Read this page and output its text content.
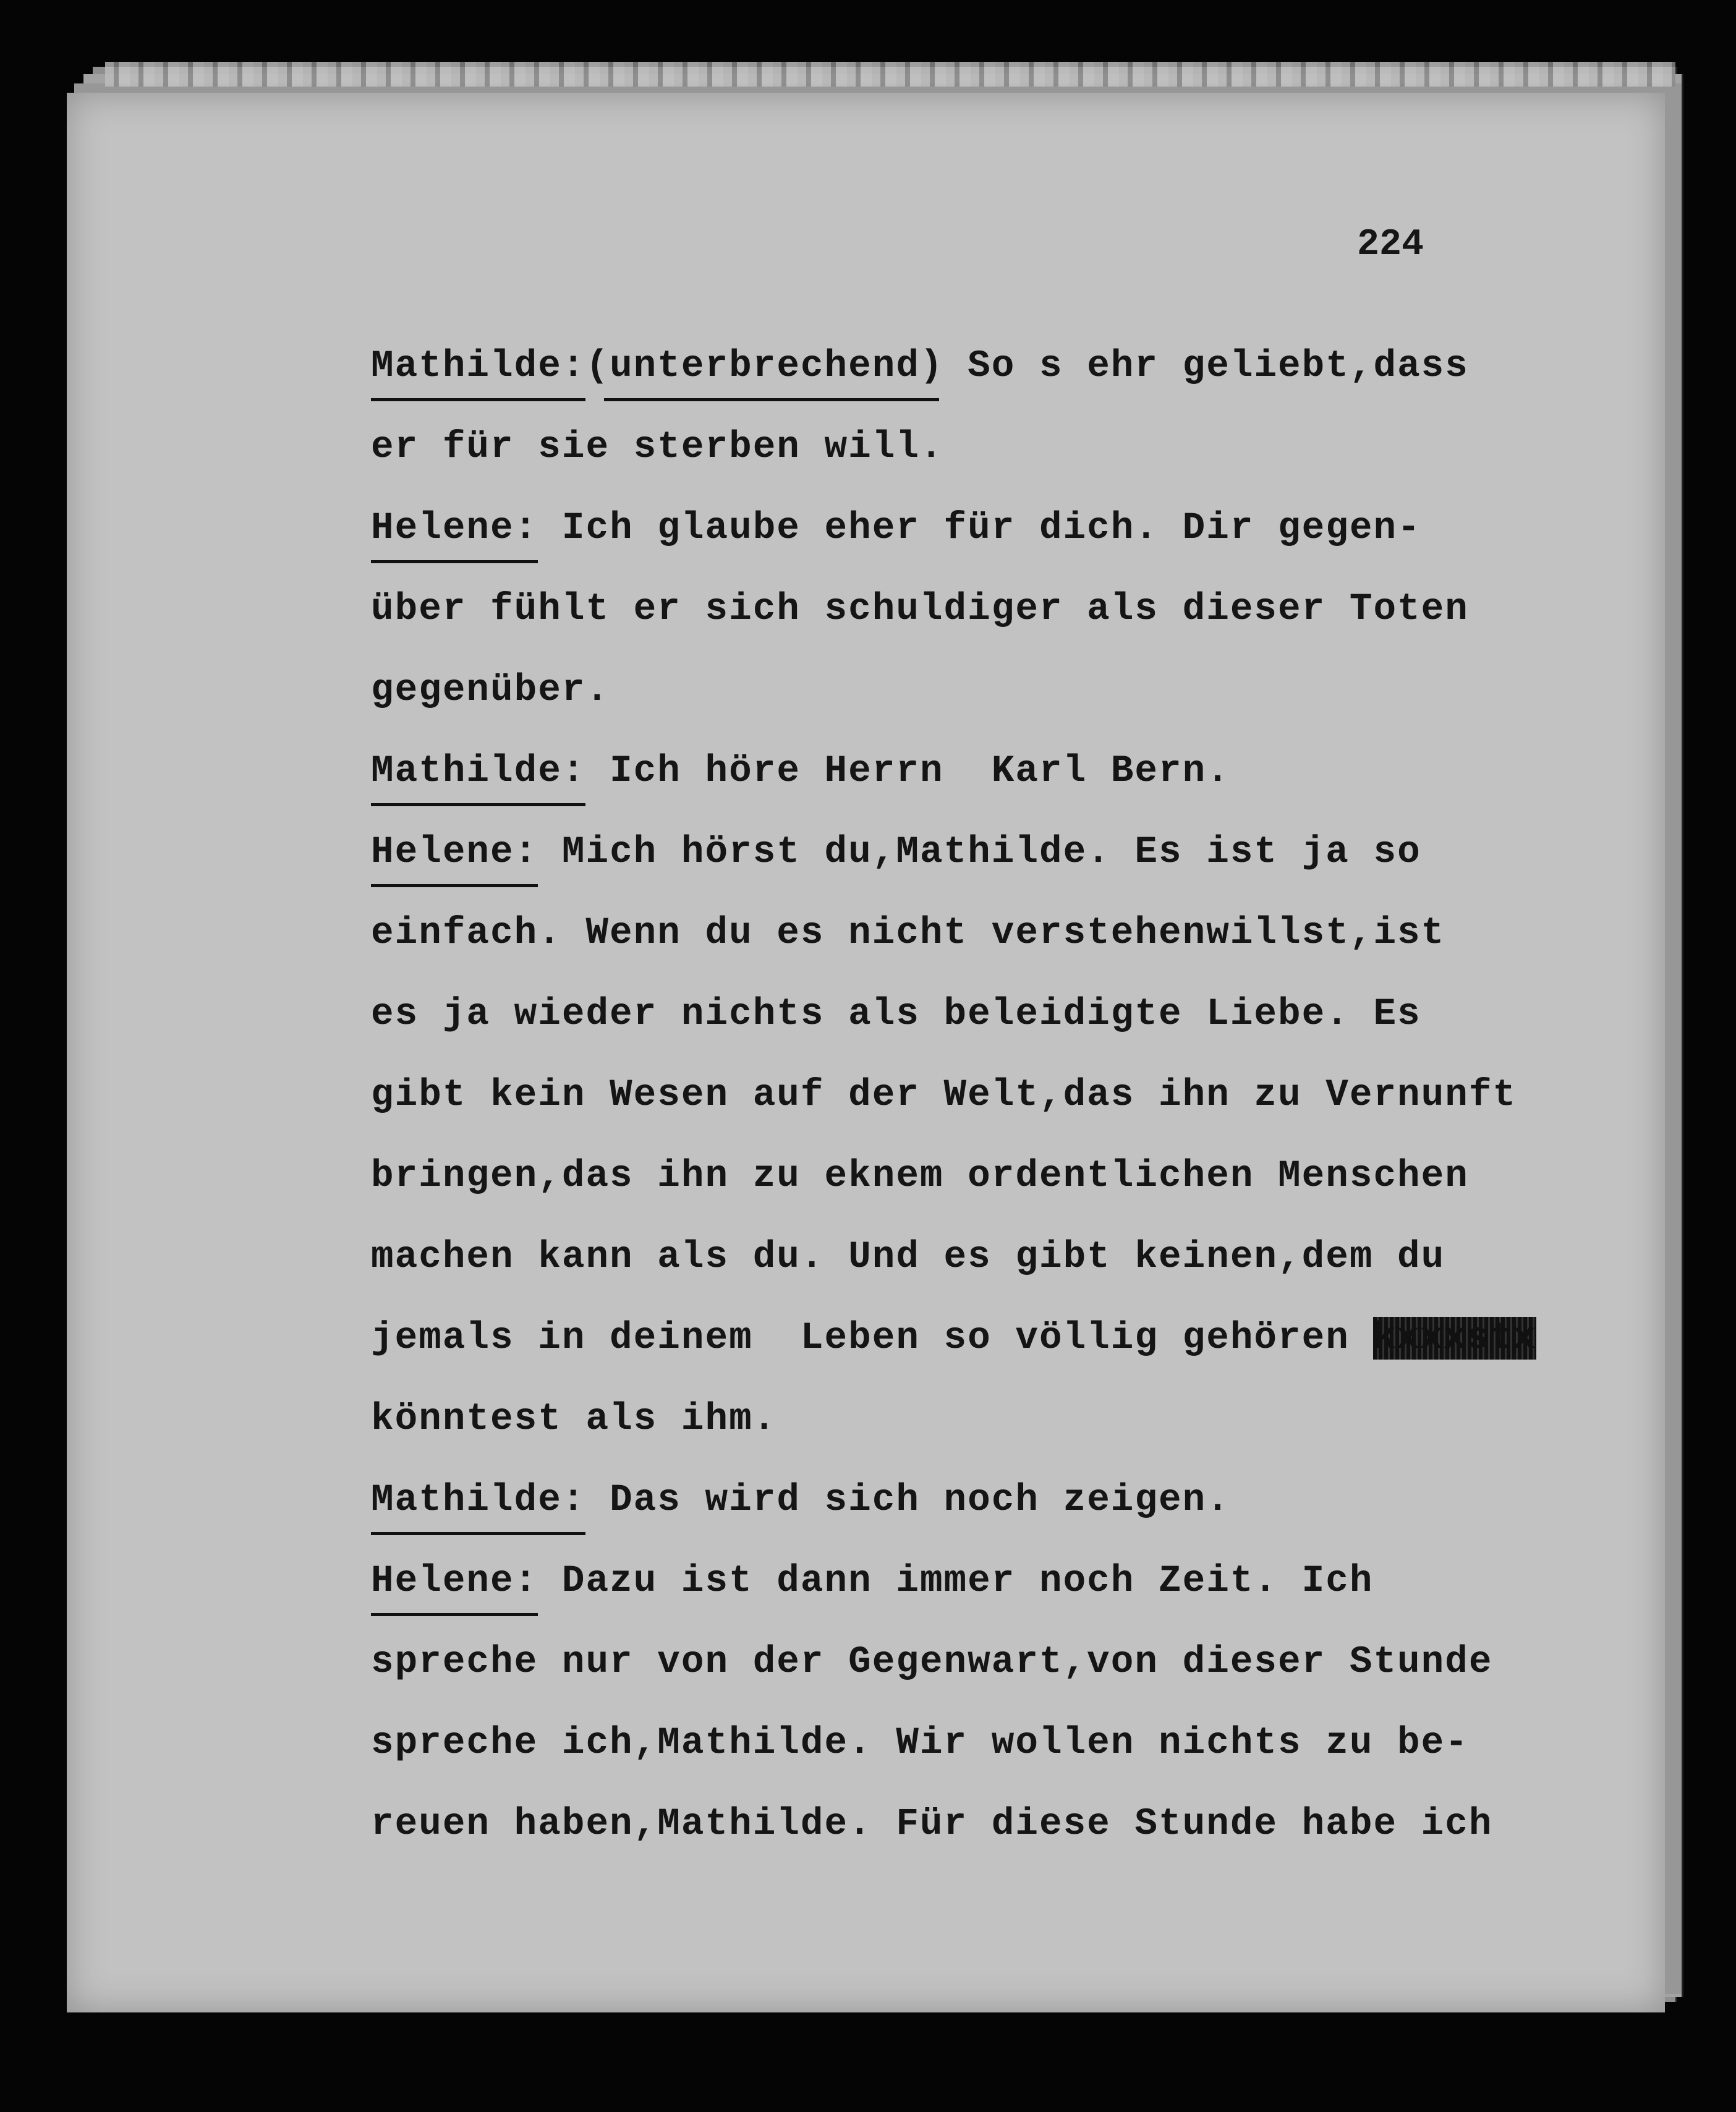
224
Mathilde:(unterbrechend) So s ehr geliebt,dass
er für sie sterben will.
Helene: Ich glaube eher für dich. Dir gegen-
über fühlt er sich schuldiger als dieser Toten
gegenüber.
Mathilde: Ich höre Herrn  Karl Bern.
Helene: Mich hörst du,Mathilde. Es ist ja so
einfach. Wenn du es nicht verstehenwillst,ist
es ja wieder nichts als beleidigte Liebe. Es
gibt kein Wesen auf der Welt,das ihn zu Vernunft
bringen,das ihn zu eknem ordentlichen Menschen
machen kann als du. Und es gibt keinen,dem du
jemals in deinem  Leben so völlig gehören kxxxstx
könntest als ihm.
Mathilde: Das wird sich noch zeigen.
Helene: Dazu ist dann immer noch Zeit. Ich
spreche nur von der Gegenwart,von dieser Stunde
spreche ich,Mathilde. Wir wollen nichts zu be-
reuen haben,Mathilde. Für diese Stunde habe ich
